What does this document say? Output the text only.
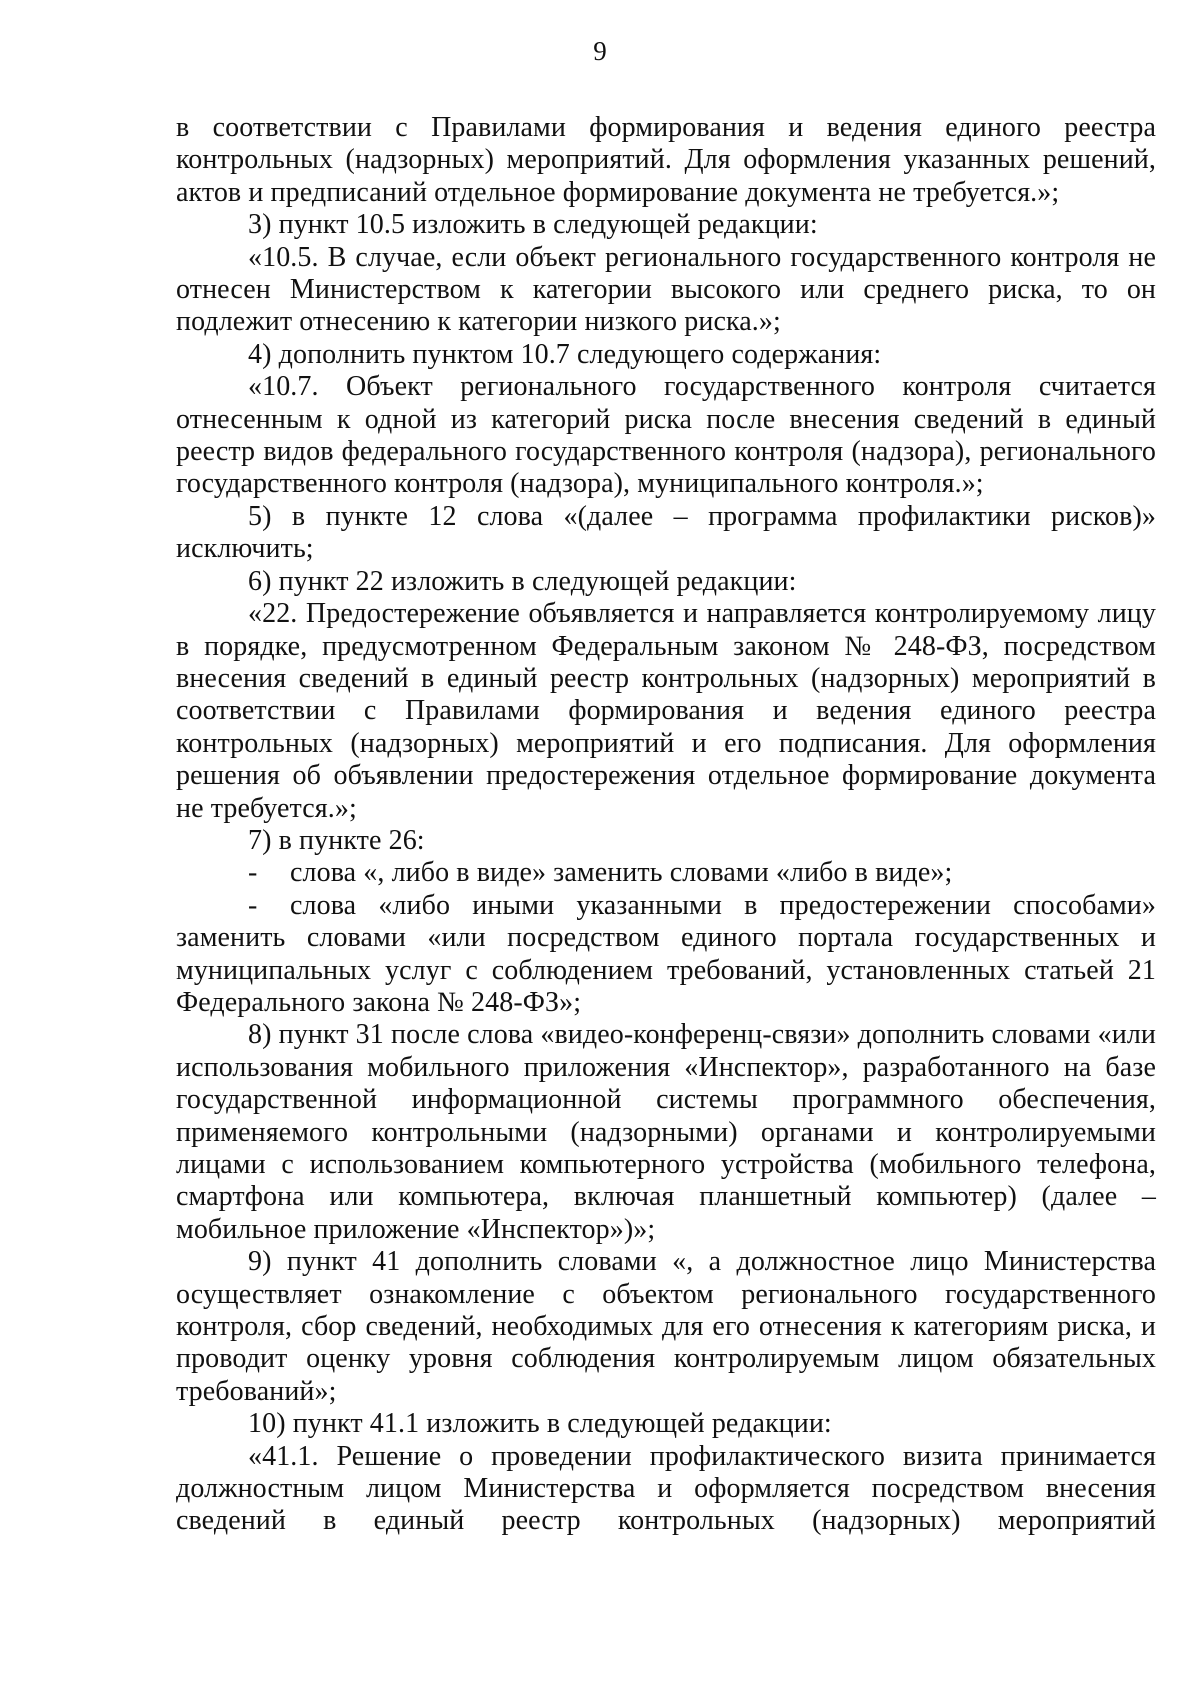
9

в соответствии с Правилами формирования и ведения единого реестра контрольных (надзорных) мероприятий. Для оформления указанных решений, актов и предписаний отдельное формирование документа не требуется.»;

3) пункт 10.5 изложить в следующей редакции:

«10.5. В случае, если объект регионального государственного контроля не отнесен Министерством к категории высокого или среднего риска, то он подлежит отнесению к категории низкого риска.»;

4) дополнить пунктом 10.7 следующего содержания:

«10.7. Объект регионального государственного контроля считается отнесенным к одной из категорий риска после внесения сведений в единый реестр видов федерального государственного контроля (надзора), регионального государственного контроля (надзора), муниципального контроля.»;

5) в пункте 12 слова «(далее – программа профилактики рисков)» исключить;

6) пункт 22 изложить в следующей редакции:

«22. Предостережение объявляется и направляется контролируемому лицу в порядке, предусмотренном Федеральным законом № 248-ФЗ, посредством внесения сведений в единый реестр контрольных (надзорных) мероприятий в соответствии с Правилами формирования и ведения единого реестра контрольных (надзорных) мероприятий и его подписания. Для оформления решения об объявлении предостережения отдельное формирование документа не требуется.»;

7) в пункте 26:

- слова «, либо в виде» заменить словами «либо в виде»;

- слова «либо иными указанными в предостережении способами» заменить словами «или посредством единого портала государственных и муниципальных услуг с соблюдением требований, установленных статьей 21 Федерального закона № 248-ФЗ»;

8) пункт 31 после слова «видео-конференц-связи» дополнить словами «или использования мобильного приложения «Инспектор», разработанного на базе государственной информационной системы программного обеспечения, применяемого контрольными (надзорными) органами и контролируемыми лицами с использованием компьютерного устройства (мобильного телефона, смартфона или компьютера, включая планшетный компьютер) (далее – мобильное приложение «Инспектор»)»;

9) пункт 41 дополнить словами «, а должностное лицо Министерства осуществляет ознакомление с объектом регионального государственного контроля, сбор сведений, необходимых для его отнесения к категориям риска, и проводит оценку уровня соблюдения контролируемым лицом обязательных требований»;

10) пункт 41.1 изложить в следующей редакции:

«41.1. Решение о проведении профилактического визита принимается должностным лицом Министерства и оформляется посредством внесения сведений в единый реестр контрольных (надзорных) мероприятий
